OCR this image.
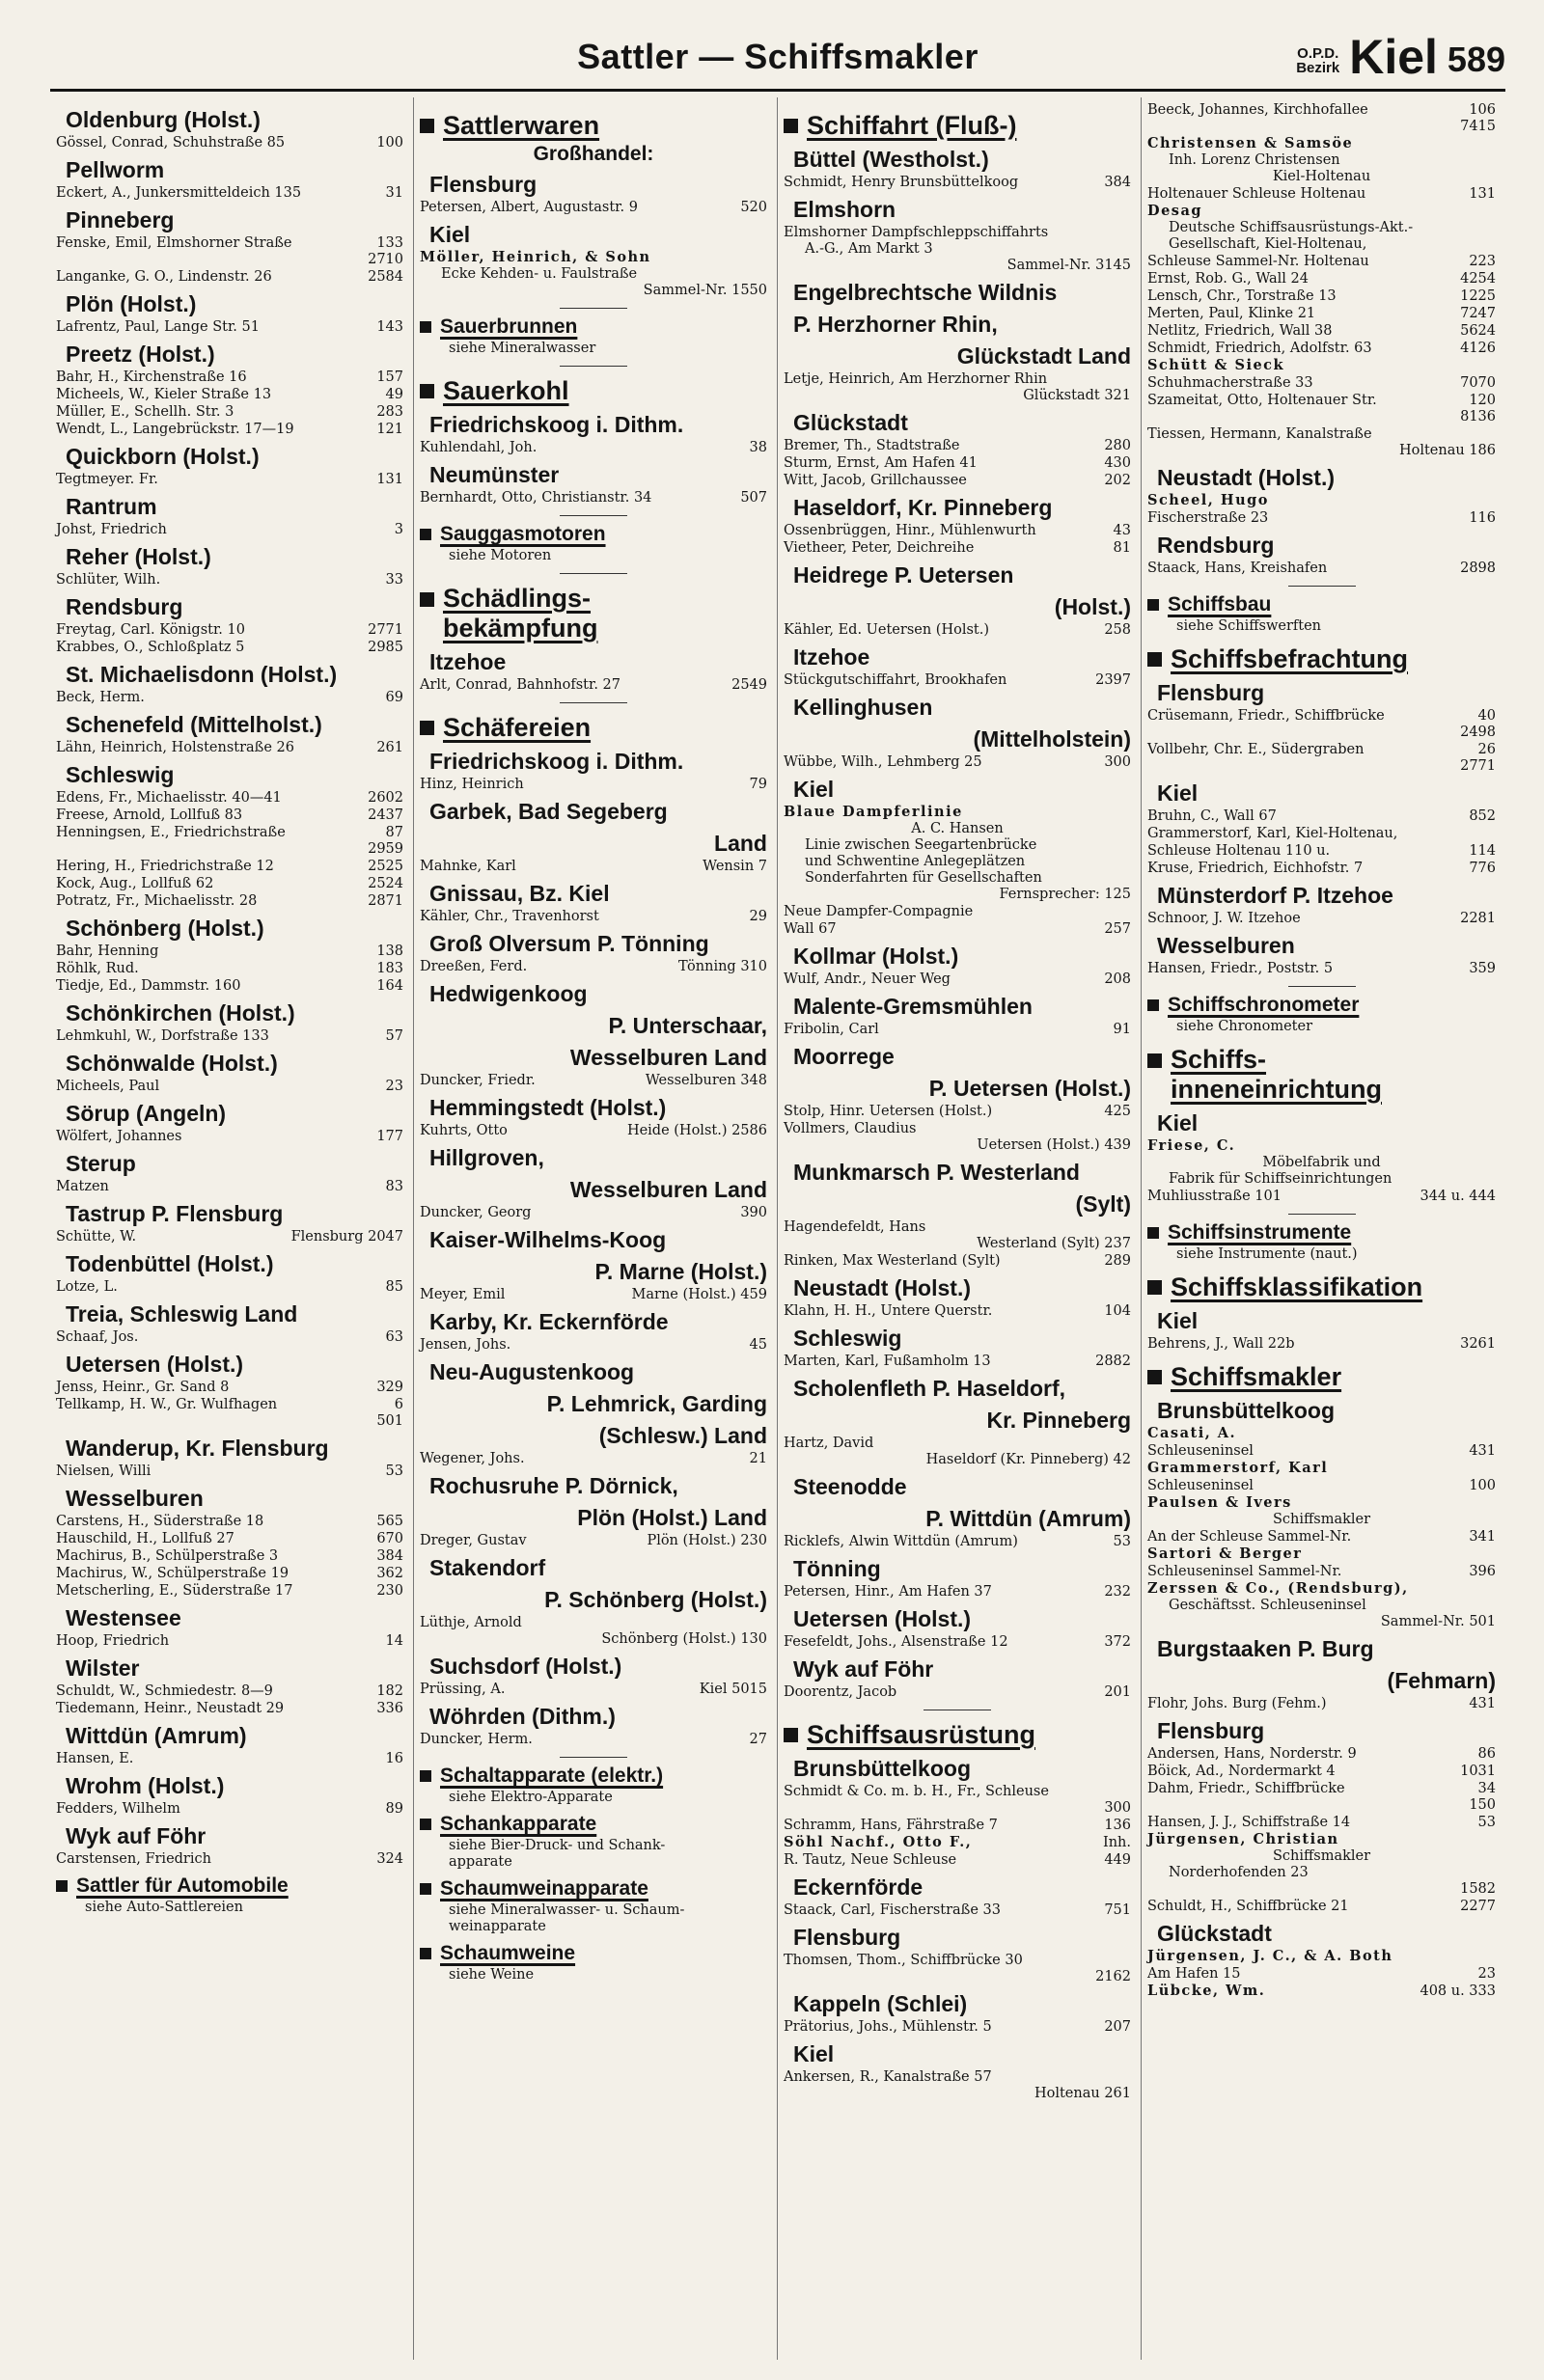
Sattler — Schiffsmakler	O.P.D.
Bezirk Kiel 589
Oldenburg (Holst.)
Gössel, Conrad, Schuhstraße 85	100
Pellworm
Eckert, A., Junkersmitteldeich 135	31
Pinneberg
Fenske, Emil, Elmshorner Straße	133
2710
Langanke, G. O., Lindenstr. 26	2584
Plön (Holst.)
Lafrentz, Paul, Lange Str. 51	143
Preetz (Holst.)
Bahr, H., Kirchenstraße 16	157
Micheels, W., Kieler Straße 13	49
Müller, E., Schellh. Str. 3	283
Wendt, L., Langebrückstr. 17—19	121
Quickborn (Holst.)
Tegtmeyer. Fr.	131
Rantrum
Johst, Friedrich	3
Reher (Holst.)
Schlüter, Wilh.	33
Rendsburg
Freytag, Carl. Königstr. 10	2771
Krabbes, O., Schloßplatz 5	2985
St. Michaelisdonn (Holst.)
Beck, Herm.	69
Schenefeld (Mittelholst.)
Lähn, Heinrich, Holstenstraße 26	261
Schleswig
Edens, Fr., Michaelisstr. 40—41	2602
Freese, Arnold, Lollfuß 83	2437
Henningsen, E., Friedrichstraße	87
2959
Hering, H., Friedrichstraße 12	2525
Kock, Aug., Lollfuß 62	2524
Potratz, Fr., Michaelisstr. 28	2871
Schönberg (Holst.)
Bahr, Henning	138
Röhlk, Rud.	183
Tiedje, Ed., Dammstr. 160	164
Schönkirchen (Holst.)
Lehmkuhl, W., Dorfstraße 133	57
Schönwalde (Holst.)
Micheels, Paul	23
Sörup (Angeln)
Wölfert, Johannes	177
Sterup
Matzen	83
Tastrup P. Flensburg
Schütte, W.	Flensburg 2047
Todenbüttel (Holst.)
Lotze, L.	85
Treia, Schleswig Land
Schaaf, Jos.	63
Uetersen (Holst.)
Jenss, Heinr., Gr. Sand 8	329
Tellkamp, H. W., Gr. Wulfhagen	6
501
Wanderup, Kr. Flensburg
Nielsen, Willi	53
Wesselburen
Carstens, H., Süderstraße 18	565
Hauschild, H., Lollfuß 27	670
Machirus, B., Schülperstraße 3	384
Machirus, W., Schülperstraße 19	362
Metscherling, E., Süderstraße 17	230
Westensee
Hoop, Friedrich	14
Wilster
Schuldt, W., Schmiedestr. 8—9	182
Tiedemann, Heinr., Neustadt 29	336
Wittdün (Amrum)
Hansen, E.	16
Wrohm (Holst.)
Fedders, Wilhelm	89
Wyk auf Föhr
Carstensen, Friedrich	324
Sattler für Automobile
siehe Auto-Sattlereien
Sattlerwaren
Großhandel:
Flensburg
Petersen, Albert, Augustastr. 9	520
Kiel
Möller, Heinrich, & Sohn
Ecke Kehden- u. Faulstraße
Sammel-Nr. 1550
Sauerbrunnen
siehe Mineralwasser
Sauerkohl
Friedrichskoog i. Dithm.
Kuhlendahl, Joh.	38
Neumünster
Bernhardt, Otto, Christianstr. 34	507
Sauggasmotoren
siehe Motoren
Schädlings-
bekämpfung
Itzehoe
Arlt, Conrad, Bahnhofstr. 27	2549
Schäfereien
Friedrichskoog i. Dithm.
Hinz, Heinrich	79
Garbek, Bad Segeberg
Land
Mahnke, Karl	Wensin 7
Gnissau, Bz. Kiel
Kähler, Chr., Travenhorst	29
Groß Olversum P. Tönning
Dreeßen, Ferd.	Tönning 310
Hedwigenkoog
P. Unterschaar,
Wesselburen Land
Duncker, Friedr.	Wesselburen 348
Hemmingstedt (Holst.)
Kuhrts, Otto	Heide (Holst.) 2586
Hillgroven,
Wesselburen Land
Duncker, Georg	390
Kaiser-Wilhelms-Koog
P. Marne (Holst.)
Meyer, Emil	Marne (Holst.) 459
Karby, Kr. Eckernförde
Jensen, Johs.	45
Neu-Augustenkoog
P. Lehmrick, Garding
(Schlesw.) Land
Wegener, Johs.	21
Rochusruhe P. Dörnick,
Plön (Holst.) Land
Dreger, Gustav	Plön (Holst.) 230
Stakendorf
P. Schönberg (Holst.)
Lüthje, Arnold
Schönberg (Holst.) 130
Suchsdorf (Holst.)
Prüssing, A.	Kiel 5015
Wöhrden (Dithm.)
Duncker, Herm.	27
Schaltapparate (elektr.)
siehe Elektro-Apparate
Schankapparate
siehe Bier-Druck- und Schank-
apparate
Schaumweinapparate
siehe Mineralwasser- u. Schaum-
weinapparate
Schaumweine
siehe Weine
Schiffahrt (Fluß-)
Büttel (Westholst.)
Schmidt, Henry Brunsbüttelkoog	384
Elmshorn
Elmshorner Dampfschleppschiffahrts
A.-G., Am Markt 3
Sammel-Nr. 3145
Engelbrechtsche Wildnis
P. Herzhorner Rhin,
Glückstadt Land
Letje, Heinrich, Am Herzhorner Rhin
Glückstadt 321
Glückstadt
Bremer, Th., Stadtstraße	280
Sturm, Ernst, Am Hafen 41	430
Witt, Jacob, Grillchaussee	202
Haseldorf, Kr. Pinneberg
Ossenbrüggen, Hinr., Mühlenwurth	43
Vietheer, Peter, Deichreihe	81
Heidrege P. Uetersen
(Holst.)
Kähler, Ed. Uetersen (Holst.)	258
Itzehoe
Stückgutschiffahrt, Brookhafen	2397
Kellinghusen
(Mittelholstein)
Wübbe, Wilh., Lehmberg 25	300
Kiel
Blaue Dampferlinie
A. C. Hansen
Linie zwischen Seegartenbrücke
und Schwentine Anlegeplätzen
Sonderfahrten für Gesellschaften
Fernsprecher: 125
Neue Dampfer-Compagnie
Wall 67	257
Kollmar (Holst.)
Wulf, Andr., Neuer Weg	208
Malente-Gremsmühlen
Fribolin, Carl	91
Moorrege
P. Uetersen (Holst.)
Stolp, Hinr. Uetersen (Holst.)	425
Vollmers, Claudius
Uetersen (Holst.) 439
Munkmarsch P. Westerland
(Sylt)
Hagendefeldt, Hans
Westerland (Sylt) 237
Rinken, Max Westerland (Sylt)	289
Neustadt (Holst.)
Klahn, H. H., Untere Querstr.	104
Schleswig
Marten, Karl, Fußamholm 13	2882
Scholenfleth P. Haseldorf,
Kr. Pinneberg
Hartz, David
Haseldorf (Kr. Pinneberg) 42
Steenodde
P. Wittdün (Amrum)
Ricklefs, Alwin Wittdün (Amrum)	53
Tönning
Petersen, Hinr., Am Hafen 37	232
Uetersen (Holst.)
Fesefeldt, Johs., Alsenstraße 12	372
Wyk auf Föhr
Doorentz, Jacob	201
Schiffsausrüstung
Brunsbüttelkoog
Schmidt & Co. m. b. H., Fr., Schleuse
300
Schramm, Hans, Fährstraße 7	136
Söhl Nachf., Otto F.,	Inh.
R. Tautz, Neue Schleuse	449
Eckernförde
Staack, Carl, Fischerstraße 33	751
Flensburg
Thomsen, Thom., Schiffbrücke 30
2162
Kappeln (Schlei)
Prätorius, Johs., Mühlenstr. 5	207
Kiel
Ankersen, R., Kanalstraße 57
Holtenau 261
Beeck, Johannes, Kirchhofallee	106
7415
Christensen & Samsöe
Inh. Lorenz Christensen
Kiel-Holtenau
Holtenauer Schleuse Holtenau	131
Desag
Deutsche Schiffsausrüstungs-Akt.-
Gesellschaft, Kiel-Holtenau,
Schleuse Sammel-Nr. Holtenau	223
Ernst, Rob. G., Wall 24	4254
Lensch, Chr., Torstraße 13	1225
Merten, Paul, Klinke 21	7247
Netlitz, Friedrich, Wall 38	5624
Schmidt, Friedrich, Adolfstr. 63	4126
Schütt & Sieck
Schuhmacherstraße 33	7070
Szameitat, Otto, Holtenauer Str.	120
8136
Tiessen, Hermann, Kanalstraße
Holtenau 186
Neustadt (Holst.)
Scheel, Hugo
Fischerstraße 23	116
Rendsburg
Staack, Hans, Kreishafen	2898
Schiffsbau
siehe Schiffswerften
Schiffsbefrachtung
Flensburg
Crüsemann, Friedr., Schiffbrücke	40
2498
Vollbehr, Chr. E., Südergraben	26
2771
Kiel
Bruhn, C., Wall 67	852
Grammerstorf, Karl, Kiel-Holtenau,
Schleuse Holtenau 110 u.	114
Kruse, Friedrich, Eichhofstr. 7	776
Münsterdorf P. Itzehoe
Schnoor, J. W. Itzehoe	2281
Wesselburen
Hansen, Friedr., Poststr. 5	359
Schiffschronometer
siehe Chronometer
Schiffs-
inneneinrichtung
Kiel
Friese, C.
Möbelfabrik und
Fabrik für Schiffseinrichtungen
Muhliusstraße 101	344 u. 444
Schiffsinstrumente
siehe Instrumente (naut.)
Schiffsklassifikation
Kiel
Behrens, J., Wall 22b	3261
Schiffsmakler
Brunsbüttelkoog
Casati, A.
Schleuseninsel	431
Grammerstorf, Karl
Schleuseninsel	100
Paulsen & Ivers
Schiffsmakler
An der Schleuse Sammel-Nr.	341
Sartori & Berger
Schleuseninsel Sammel-Nr.	396
Zerssen & Co., (Rendsburg),
Geschäftsst. Schleuseninsel
Sammel-Nr. 501
Burgstaaken P. Burg
(Fehmarn)
Flohr, Johs. Burg (Fehm.)	431
Flensburg
Andersen, Hans, Norderstr. 9	86
Böick, Ad., Nordermarkt 4	1031
Dahm, Friedr., Schiffbrücke	34
150
Hansen, J. J., Schiffstraße 14	53
Jürgensen, Christian
Schiffsmakler
Norderhofenden 23
1582
Schuldt, H., Schiffbrücke 21	2277
Glückstadt
Jürgensen, J. C., & A. Both
Am Hafen 15	23
Lübcke, Wm.	408 u. 333
